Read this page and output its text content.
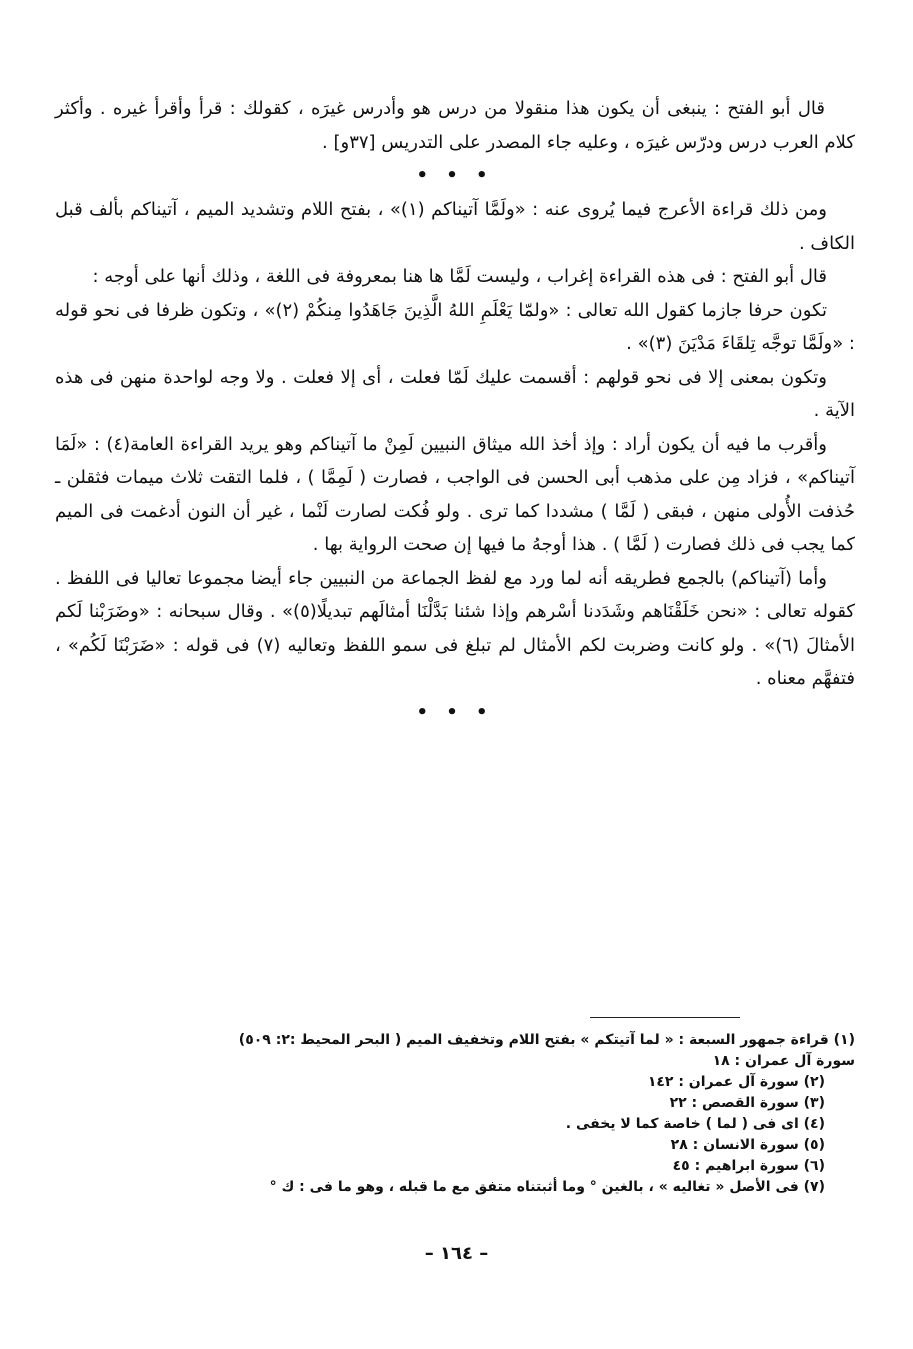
قال أبو الفتح : ينبغى أن يكون هذا منقولا من درس هو وأدرس غيرَه ، كقولك : قرأ وأقرأ غيره . وأكثر كلام العرب درس ودرّس غيرَه ، وعليه جاء المصدر على التدريس [٣٧و] .

• • •

ومن ذلك قراءة الأعرج فيما يُروى عنه : «ولَمَّا آتيناكم (١)» ، بفتح اللام وتشديد الميم ، آتيناكم بألف قبل الكاف .

قال أبو الفتح : فى هذه القراءة إغراب ، وليست لَمَّا ها هنا بمعروفة فى اللغة ، وذلك أنها على أوجه :

تكون حرفا جازما كقول الله تعالى : «ولمّا يَعْلَمِ اللهُ الَّذِينَ جَاهَدُوا مِنكُمْ (٢)» ، وتكون ظرفا فى نحو قوله : «ولَمَّا توجَّه تِلقَاءَ مَدْيَنَ (٣)» .

وتكون بمعنى إلا فى نحو قولهم : أقسمت عليك لَمّا فعلت ، أى إلا فعلت . ولا وجه لواحدة منهن فى هذه الآية .

وأقرب ما فيه أن يكون أراد : وإذ أخذ الله ميثاق النبيين لَمِنْ ما آتيناكم وهو يريد القراءة العامة(٤) : «لَمَا آتيناكم» ، فزاد مِن على مذهب أبى الحسن فى الواجب ، فصارت ( لَمِمَّا ) ، فلما التقت ثلاث ميمات فثقلن ـ حُذفت الأُولى منهن ، فبقى ( لَمَّا ) مشددا كما ترى . ولو فُكت لصارت لَنْما ، غير أن النون أدغمت فى الميم كما يجب فى ذلك فصارت ( لَمَّا ) . هذا أوجهُ ما فيها إن صحت الرواية بها .

وأما (آتيناكم) بالجمع فطريقه أنه لما ورد مع لفظ الجماعة من النبيين جاء أيضا مجموعا تعاليا فى اللفظ . كقوله تعالى : «نحن خَلَقْنَاهم وشَدَدنا أسْرهم وإذا شئنا بَدَّلْنَا أمثالَهم تبديلًا(٥)» . وقال سبحانه : «وضَرَبْنا لَكم الأمثالَ (٦)» . ولو كانت وضربت لكم الأمثال لم تبلغ فى سمو اللفظ وتعاليه (٧) فى قوله : «ضَرَبْنَا لَكُم» ، فتفهَّم معناه .

• • •
(١) قراءة جمهور السبعة : « لما آتيتكم » بفتح اللام وتخفيف الميم ( البحر المحيط :٢: ٥٠٩)
سورة آل عمران : ١٨
(٢) سورة آل عمران : ١٤٢
(٣) سورة القصص : ٢٢
(٤) اى فى ( لما ) خاصة كما لا يخفى .
(٥) سورة الانسان : ٢٨
(٦) سورة ابراهيم : ٤٥
(٧) فى الأصل « تغاليه » ، بالغين ° وما أثبتناه متفق مع ما قبله ، وهو ما فى : ك °
– ١٦٤ –
